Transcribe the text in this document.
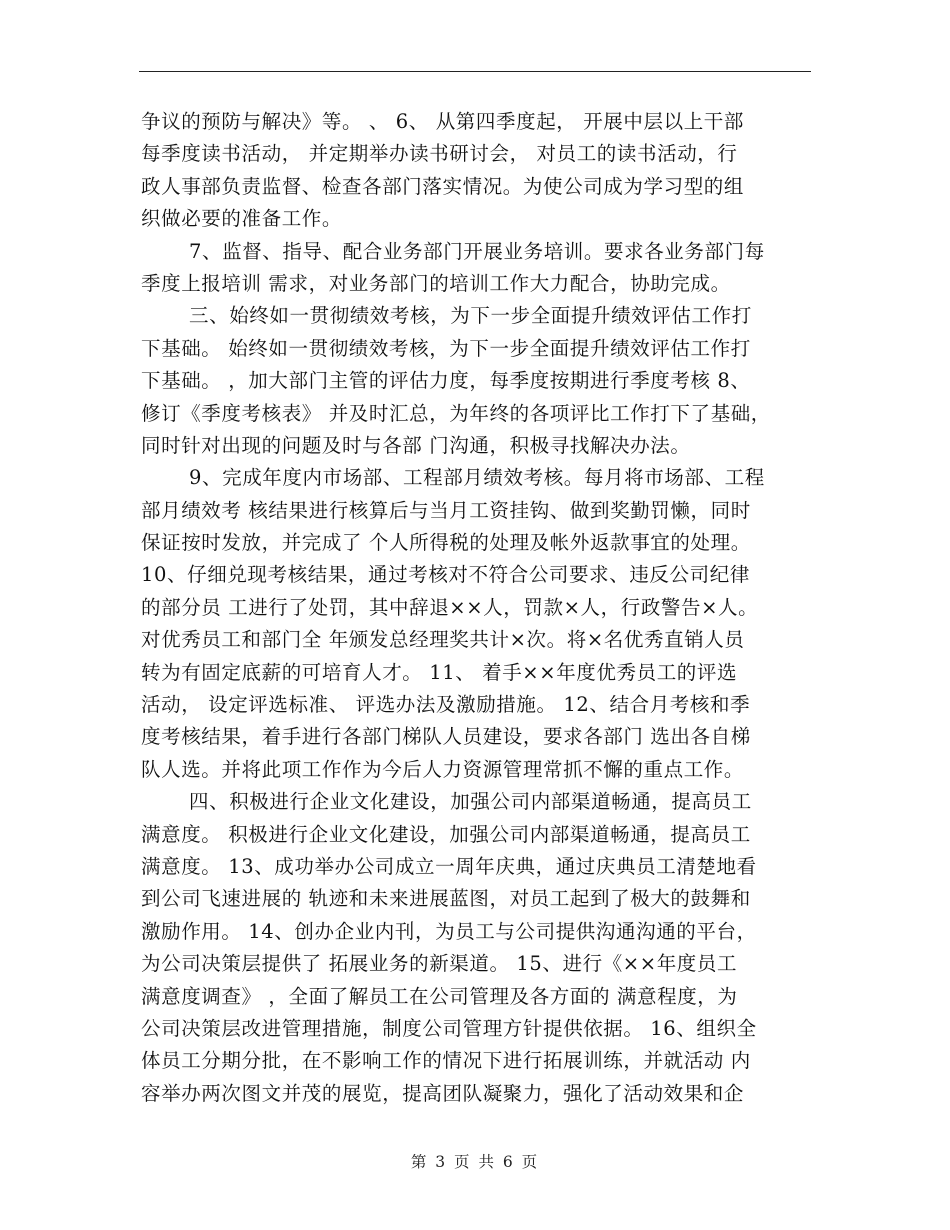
争议的预防与解决》等。 、 6、 从第四季度起， 开展中层以上干部
每季度读书活动， 并定期举办读书研讨会， 对员工的读书活动，行
政人事部负责监督、检查各部门落实情况。为使公司成为学习型的组
织做必要的准备工作。
7、监督、指导、配合业务部门开展业务培训。要求各业务部门每
季度上报培训 需求，对业务部门的培训工作大力配合，协助完成。
三、始终如一贯彻绩效考核，为下一步全面提升绩效评估工作打
下基础。 始终如一贯彻绩效考核，为下一步全面提升绩效评估工作打
下基础。 ，加大部门主管的评估力度，每季度按期进行季度考核 8、
修订《季度考核表》 并及时汇总，为年终的各项评比工作打下了基础，
同时针对出现的问题及时与各部 门沟通，积极寻找解决办法。
9、完成年度内市场部、工程部月绩效考核。每月将市场部、工程
部月绩效考 核结果进行核算后与当月工资挂钩、做到奖勤罚懒，同时
保证按时发放，并完成了 个人所得税的处理及帐外返款事宜的处理。
10、仔细兑现考核结果，通过考核对不符合公司要求、违反公司纪律
的部分员 工进行了处罚，其中辞退××人，罚款×人，行政警告×人。
对优秀员工和部门全 年颁发总经理奖共计×次。将×名优秀直销人员
转为有固定底薪的可培育人才。 11、 着手××年度优秀员工的评选
活动， 设定评选标准、 评选办法及激励措施。 12、结合月考核和季
度考核结果，着手进行各部门梯队人员建设，要求各部门 选出各自梯
队人选。并将此项工作作为今后人力资源管理常抓不懈的重点工作。
四、积极进行企业文化建设，加强公司内部渠道畅通，提高员工
满意度。 积极进行企业文化建设，加强公司内部渠道畅通，提高员工
满意度。 13、成功举办公司成立一周年庆典，通过庆典员工清楚地看
到公司飞速进展的 轨迹和未来进展蓝图，对员工起到了极大的鼓舞和
激励作用。 14、创办企业内刊，为员工与公司提供沟通沟通的平台，
为公司决策层提供了 拓展业务的新渠道。 15、进行《××年度员工
满意度调查》 ，全面了解员工在公司管理及各方面的 满意程度，为
公司决策层改进管理措施，制度公司管理方针提供依据。 16、组织全
体员工分期分批，在不影响工作的情况下进行拓展训练，并就活动 内
容举办两次图文并茂的展览，提高团队凝聚力，强化了活动效果和企
第 3 页 共 6 页
